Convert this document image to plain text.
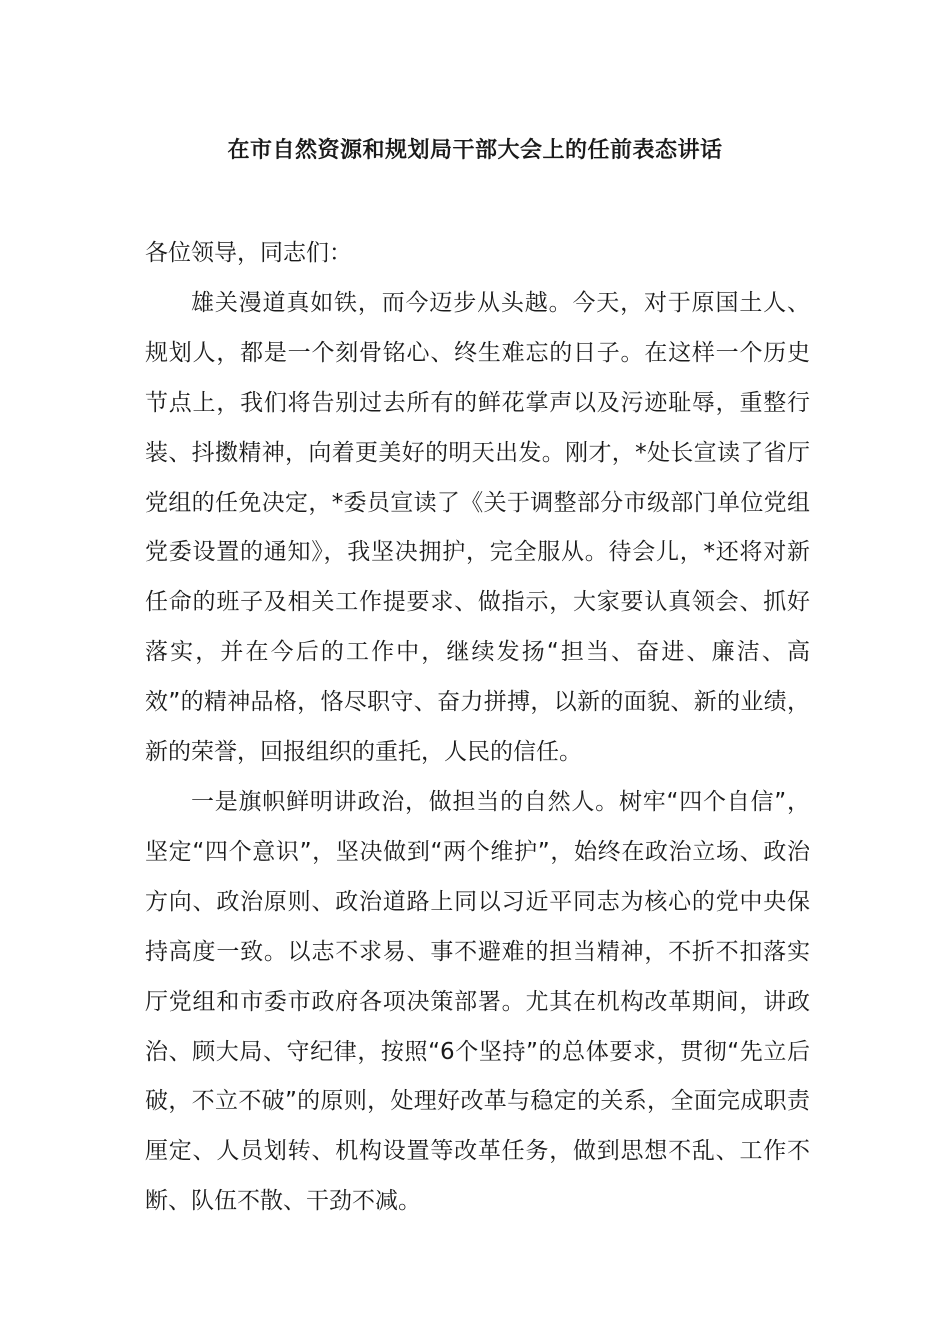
在市自然资源和规划局干部大会上的任前表态讲话

各位领导，同志们：

雄关漫道真如铁，而今迈步从头越。今天，对于原国土人、规划人，都是一个刻骨铭心、终生难忘的日子。在这样一个历史节点上，我们将告别过去所有的鲜花掌声以及污迹耻辱，重整行装、抖擞精神，向着更美好的明天出发。刚才，*处长宣读了省厅党组的任免决定，*委员宣读了《关于调整部分市级部门单位党组党委设置的通知》，我坚决拥护，完全服从。待会儿，*还将对新任命的班子及相关工作提要求、做指示，大家要认真领会、抓好落实，并在今后的工作中，继续发扬“担当、奋进、廉洁、高效”的精神品格，恪尽职守、奋力拼搏，以新的面貌、新的业绩，新的荣誉，回报组织的重托，人民的信任。

一是旗帜鲜明讲政治，做担当的自然人。树牢“四个自信”，坚定“四个意识”，坚决做到“两个维护”，始终在政治立场、政治方向、政治原则、政治道路上同以习近平同志为核心的党中央保持高度一致。以志不求易、事不避难的担当精神，不折不扣落实厅党组和市委市政府各项决策部署。尤其在机构改革期间，讲政治、顾大局、守纪律，按照“6个坚持”的总体要求，贯彻“先立后破，不立不破”的原则，处理好改革与稳定的关系，全面完成职责厘定、人员划转、机构设置等改革任务，做到思想不乱、工作不断、队伍不散、干劲不减。
